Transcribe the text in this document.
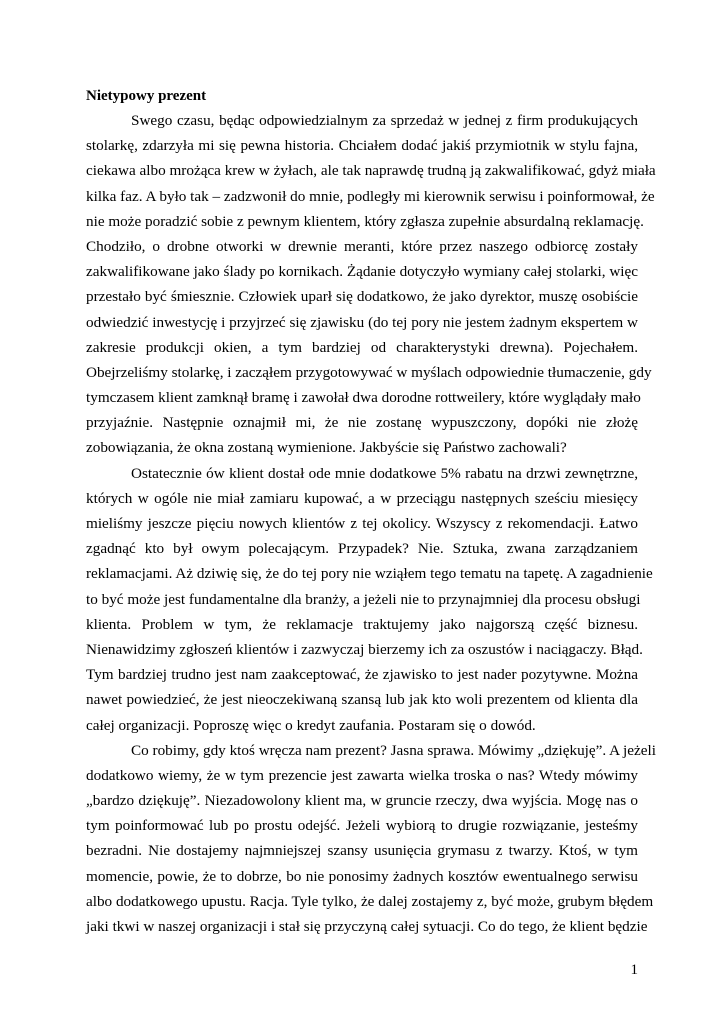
Nietypowy prezent
Swego czasu, będąc odpowiedzialnym za sprzedaż w jednej z firm produkujących
stolarkę, zdarzyła mi się pewna historia. Chciałem dodać jakiś przymiotnik w stylu fajna,
ciekawa albo mrożąca krew w żyłach, ale tak naprawdę trudną ją zakwalifikować, gdyż miała
kilka faz. A było tak – zadzwonił do mnie, podległy mi kierownik serwisu i poinformował, że
nie może poradzić sobie z pewnym klientem, który zgłasza zupełnie absurdalną reklamację.
Chodziło, o drobne otworki w drewnie meranti, które przez naszego odbiorcę zostały
zakwalifikowane jako ślady po kornikach. Żądanie dotyczyło wymiany całej stolarki, więc
przestało być śmiesznie. Człowiek uparł się dodatkowo, że jako dyrektor, muszę osobiście
odwiedzić inwestycję i przyjrzeć się zjawisku (do tej pory nie jestem żadnym ekspertem w
zakresie produkcji okien, a tym bardziej od charakterystyki drewna). Pojechałem.
Obejrzeliśmy stolarkę, i zacząłem przygotowywać w myślach odpowiednie tłumaczenie, gdy
tymczasem klient zamknął bramę i zawołał dwa dorodne rottweilery, które wyglądały mało
przyjaźnie. Następnie oznajmił mi, że nie zostanę wypuszczony, dopóki nie złożę
zobowiązania, że okna zostaną wymienione. Jakbyście się Państwo zachowali?
Ostatecznie ów klient dostał ode mnie dodatkowe 5% rabatu na drzwi zewnętrzne,
których w ogóle nie miał zamiaru kupować, a w przeciągu następnych sześciu miesięcy
mieliśmy jeszcze pięciu nowych klientów z tej okolicy. Wszyscy z rekomendacji. Łatwo
zgadnąć kto był owym polecającym. Przypadek? Nie. Sztuka, zwana zarządzaniem
reklamacjami. Aż dziwię się, że do tej pory nie wziąłem tego tematu na tapetę. A zagadnienie
to być może jest fundamentalne dla branży, a jeżeli nie to przynajmniej dla procesu obsługi
klienta. Problem w tym, że reklamacje traktujemy jako najgorszą część biznesu.
Nienawidzimy zgłoszeń klientów i zazwyczaj bierzemy ich za oszustów i naciągaczy. Błąd.
Tym bardziej trudno jest nam zaakceptować, że zjawisko to jest nader pozytywne. Można
nawet powiedzieć, że jest nieoczekiwaną szansą lub jak kto woli prezentem od klienta dla
całej organizacji. Poproszę więc o kredyt zaufania. Postaram się o dowód.
Co robimy, gdy ktoś wręcza nam prezent? Jasna sprawa. Mówimy „dziękuję”. A jeżeli
dodatkowo wiemy, że w tym prezencie jest zawarta wielka troska o nas? Wtedy mówimy
„bardzo dziękuję”. Niezadowolony klient ma, w gruncie rzeczy, dwa wyjścia. Mogę nas o
tym poinformować lub po prostu odejść. Jeżeli wybiorą to drugie rozwiązanie, jesteśmy
bezradni. Nie dostajemy najmniejszej szansy usunięcia grymasu z twarzy. Ktoś, w tym
momencie, powie, że to dobrze, bo nie ponosimy żadnych kosztów ewentualnego serwisu
albo dodatkowego upustu. Racja. Tyle tylko, że dalej zostajemy z, być może, grubym błędem
jaki tkwi w naszej organizacji i stał się przyczyną całej sytuacji. Co do tego, że klient będzie
1
